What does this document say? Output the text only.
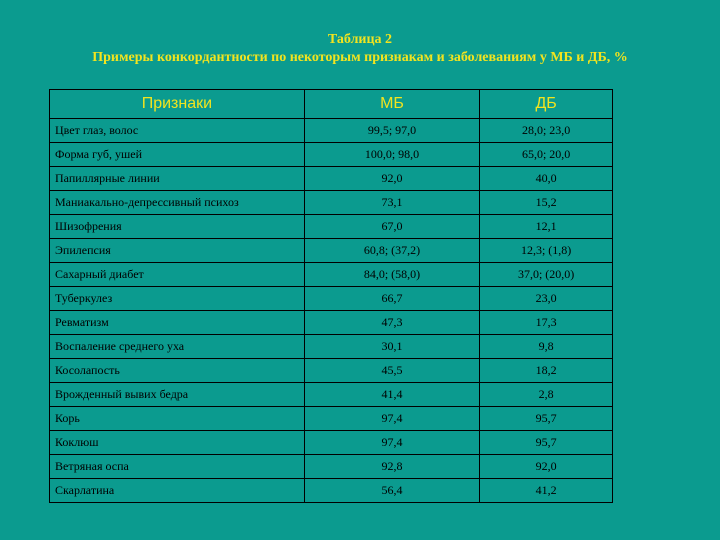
Таблица 2
Примеры конкордантности по некоторым признакам и заболеваниям у МБ и ДБ, %
Признаки	МБ	ДБ
Цвет глаз, волос	99,5; 97,0	28,0; 23,0
Форма губ, ушей	100,0; 98,0	65,0; 20,0
Папиллярные линии	92,0	40,0
Маниакально-депрессивный психоз	73,1	15,2
Шизофрения	67,0	12,1
Эпилепсия	60,8; (37,2)	12,3; (1,8)
Сахарный диабет	84,0; (58,0)	37,0; (20,0)
Туберкулез	66,7	23,0
Ревматизм	47,3	17,3
Воспаление среднего уха	30,1	9,8
Косолапость	45,5	18,2
Врожденный вывих бедра	41,4	2,8
Корь	97,4	95,7
Коклюш	97,4	95,7
Ветряная оспа	92,8	92,0
Скарлатина	56,4	41,2
